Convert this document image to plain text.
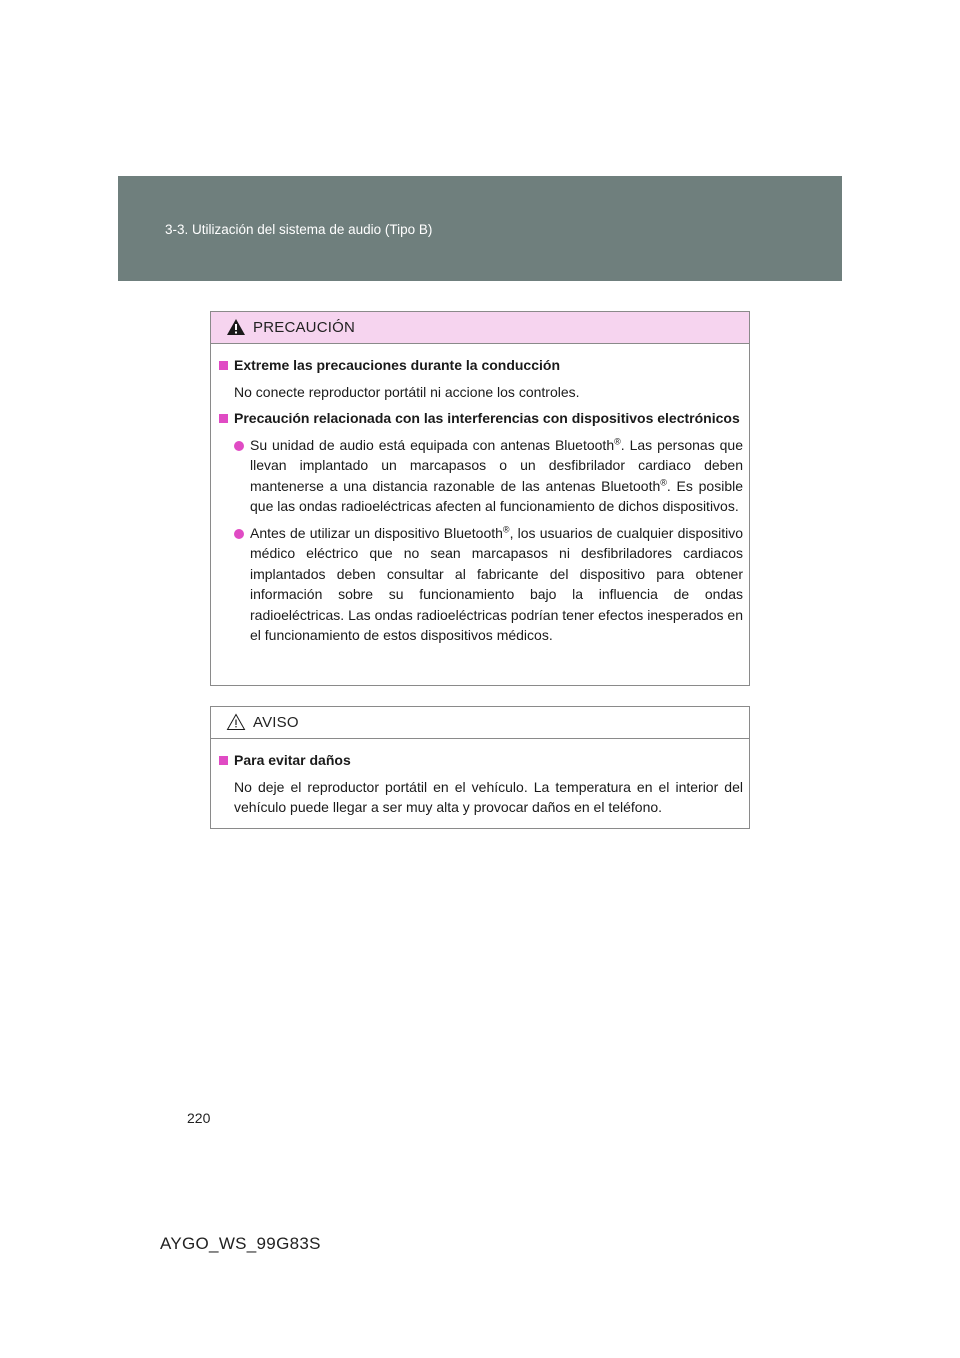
3-3. Utilización del sistema de audio (Tipo B)
PRECAUCIÓN
Extreme las precauciones durante la conducción
No conecte reproductor portátil ni accione los controles.
Precaución relacionada con las interferencias con dispositivos electrónicos
Su unidad de audio está equipada con antenas Bluetooth®. Las personas que llevan implantado un marcapasos o un desfibrilador cardiaco deben mantenerse a una distancia razonable de las antenas Bluetooth®. Es posible que las ondas radioeléctricas afecten al funcionamiento de dichos dispositivos.
Antes de utilizar un dispositivo Bluetooth®, los usuarios de cualquier dispositivo médico eléctrico que no sean marcapasos ni desfibriladores cardiacos implantados deben consultar al fabricante del dispositivo para obtener información sobre su funcionamiento bajo la influencia de ondas radioeléctricas. Las ondas radioeléctricas podrían tener efectos inesperados en el funcionamiento de estos dispositivos médicos.
AVISO
Para evitar daños
No deje el reproductor portátil en el vehículo. La temperatura en el interior del vehículo puede llegar a ser muy alta y provocar daños en el teléfono.
220
AYGO_WS_99G83S
